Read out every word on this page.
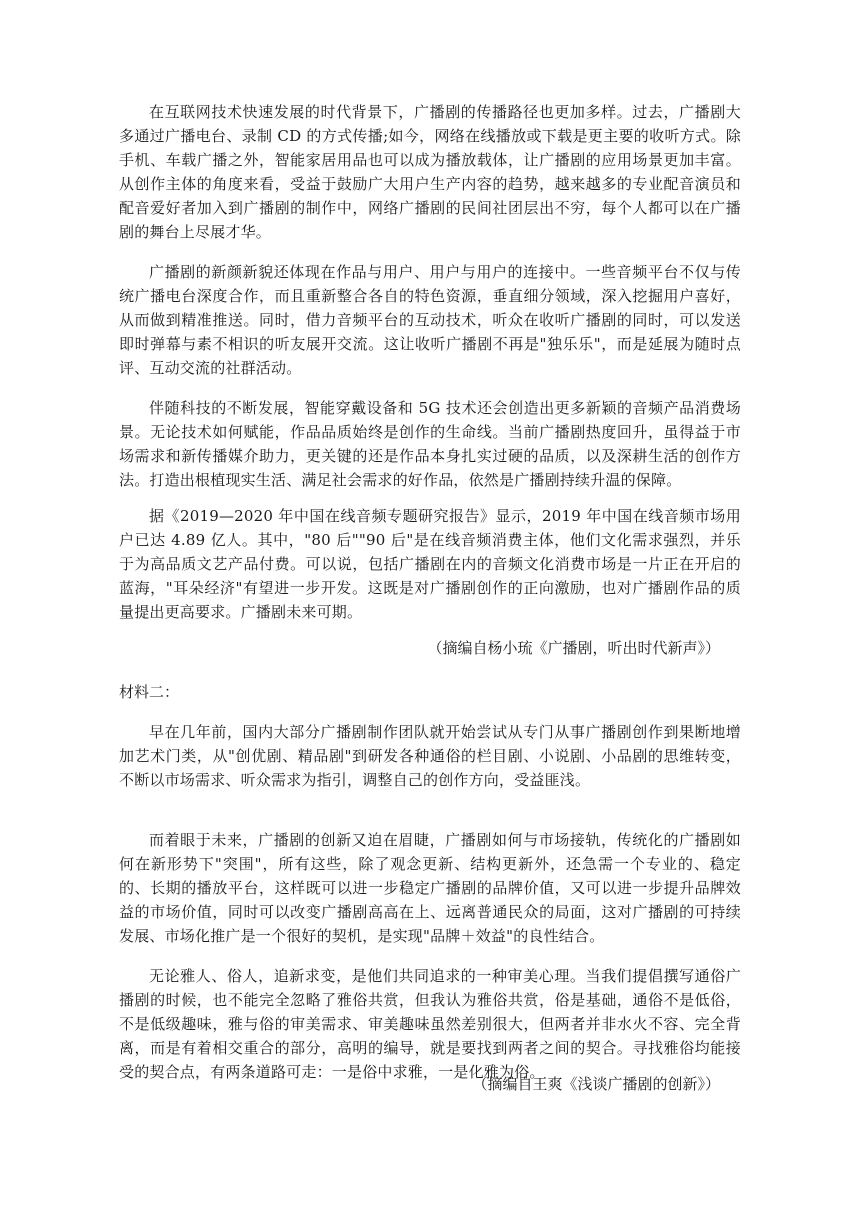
在互联网技术快速发展的时代背景下，广播剧的传播路径也更加多样。过去，广播剧大多通过广播电台、录制 CD 的方式传播;如今，网络在线播放或下载是更主要的收听方式。除手机、车载广播之外，智能家居用品也可以成为播放载体，让广播剧的应用场景更加丰富。从创作主体的角度来看，受益于鼓励广大用户生产内容的趋势，越来越多的专业配音演员和配音爱好者加入到广播剧的制作中，网络广播剧的民间社团层出不穷，每个人都可以在广播剧的舞台上尽展才华。

广播剧的新颜新貌还体现在作品与用户、用户与用户的连接中。一些音频平台不仅与传统广播电台深度合作，而且重新整合各自的特色资源，垂直细分领域，深入挖掘用户喜好，从而做到精准推送。同时，借力音频平台的互动技术，听众在收听广播剧的同时，可以发送即时弹幕与素不相识的听友展开交流。这让收听广播剧不再是"独乐乐"，而是延展为随时点评、互动交流的社群活动。

伴随科技的不断发展，智能穿戴设备和 5G 技术还会创造出更多新颖的音频产品消费场景。无论技术如何赋能，作品品质始终是创作的生命线。当前广播剧热度回升，虽得益于市场需求和新传播媒介助力，更关键的还是作品本身扎实过硬的品质，以及深耕生活的创作方法。打造出根植现实生活、满足社会需求的好作品，依然是广播剧持续升温的保障。

据《2019—2020 年中国在线音频专题研究报告》显示，2019 年中国在线音频市场用户已达 4.89 亿人。其中，"80 后""90 后"是在线音频消费主体，他们文化需求强烈，并乐于为高品质文艺产品付费。可以说，包括广播剧在内的音频文化消费市场是一片正在开启的蓝海，"耳朵经济"有望进一步开发。这既是对广播剧创作的正向激励，也对广播剧作品的质量提出更高要求。广播剧未来可期。

（摘编自杨小琉《广播剧，听出时代新声》）

材料二：

早在几年前，国内大部分广播剧制作团队就开始尝试从专门从事广播剧创作到果断地增加艺术门类，从"创优剧、精品剧"到研发各种通俗的栏目剧、小说剧、小品剧的思维转变，不断以市场需求、听众需求为指引，调整自己的创作方向，受益匪浅。

而着眼于未来，广播剧的创新又迫在眉睫，广播剧如何与市场接轨，传统化的广播剧如何在新形势下"突围"，所有这些，除了观念更新、结构更新外，还急需一个专业的、稳定的、长期的播放平台，这样既可以进一步稳定广播剧的品牌价值，又可以进一步提升品牌效益的市场价值，同时可以改变广播剧高高在上、远离普通民众的局面，这对广播剧的可持续发展、市场化推广是一个很好的契机，是实现"品牌＋效益"的良性结合。

无论雅人、俗人，追新求变，是他们共同追求的一种审美心理。当我们提倡撰写通俗广播剧的时候，也不能完全忽略了雅俗共赏，但我认为雅俗共赏，俗是基础，通俗不是低俗，不是低级趣味，雅与俗的审美需求、审美趣味虽然差别很大，但两者并非水火不容、完全背离，而是有着相交重合的部分，高明的编导，就是要找到两者之间的契合。寻找雅俗均能接受的契合点，有两条道路可走：一是俗中求雅，一是化雅为俗。

（摘编自王爽《浅谈广播剧的创新》）
